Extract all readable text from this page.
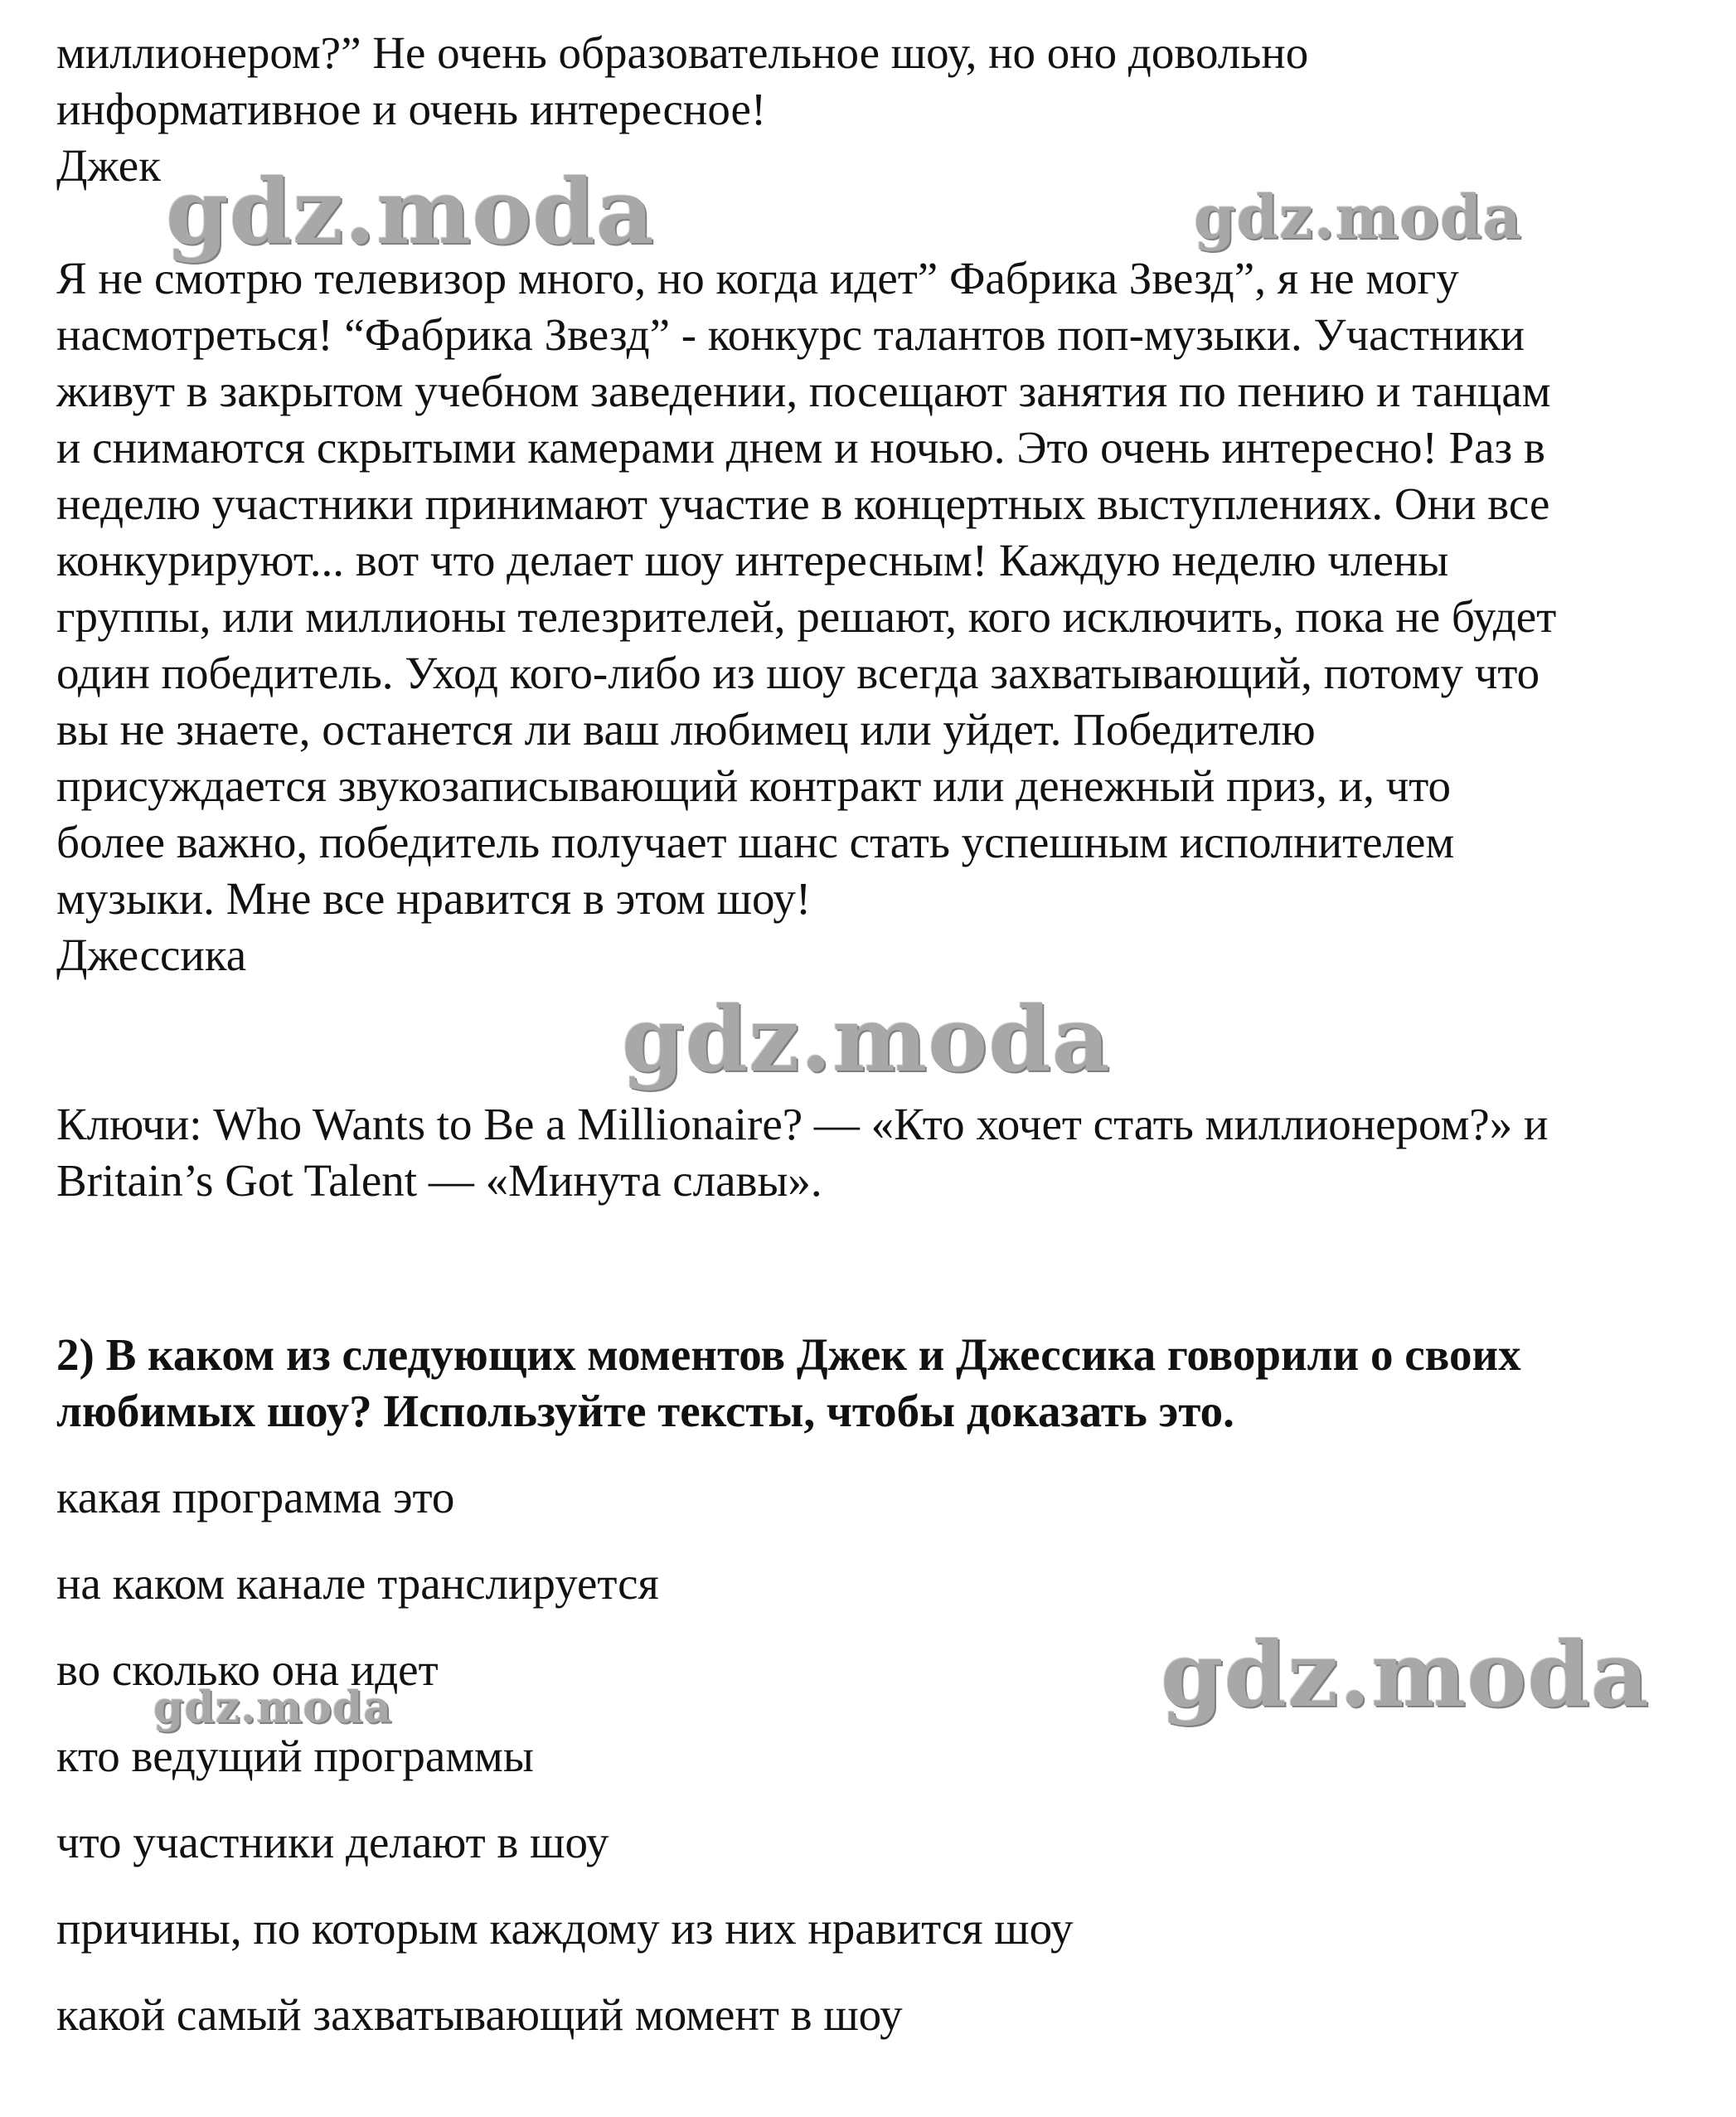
gdz.moda	gdz.moda
gdz.moda
gdz.moda
gdz.moda

миллионером?” Не очень образовательное шоу, но оно довольно

информативное и очень интересное!

Джек

Я не смотрю телевизор много, но когда идет” Фабрика Звезд”, я не могу

насмотреться! “Фабрика Звезд” - конкурс талантов поп-музыки. Участники

живут в закрытом учебном заведении, посещают занятия по пению и танцам

и снимаются скрытыми камерами днем и ночью. Это очень интересно! Раз в

неделю участники принимают участие в концертных выступлениях. Они все

конкурируют... вот что делает шоу интересным! Каждую неделю члены

группы, или миллионы телезрителей, решают, кого исключить, пока не будет

один победитель. Уход кого-либо из шоу всегда захватывающий, потому что

вы не знаете, останется ли ваш любимец или уйдет. Победителю

присуждается звукозаписывающий контракт или денежный приз, и, что

более важно, победитель получает шанс стать успешным исполнителем

музыки. Мне все нравится в этом шоу!

Джессика

Ключи: Who Wants to Be a Millionaire? — «Кто хочет стать миллионером?» и

Britain’s Got Talent — «Минута славы».

2) В каком из следующих моментов Джек и Джессика говорили о своих

любимых шоу? Используйте тексты, чтобы доказать это.

какая программа это

на каком канале транслируется

во сколько она идет

кто ведущий программы

что участники делают в шоу

причины, по которым каждому из них нравится шоу

какой самый захватывающий момент в шоу
